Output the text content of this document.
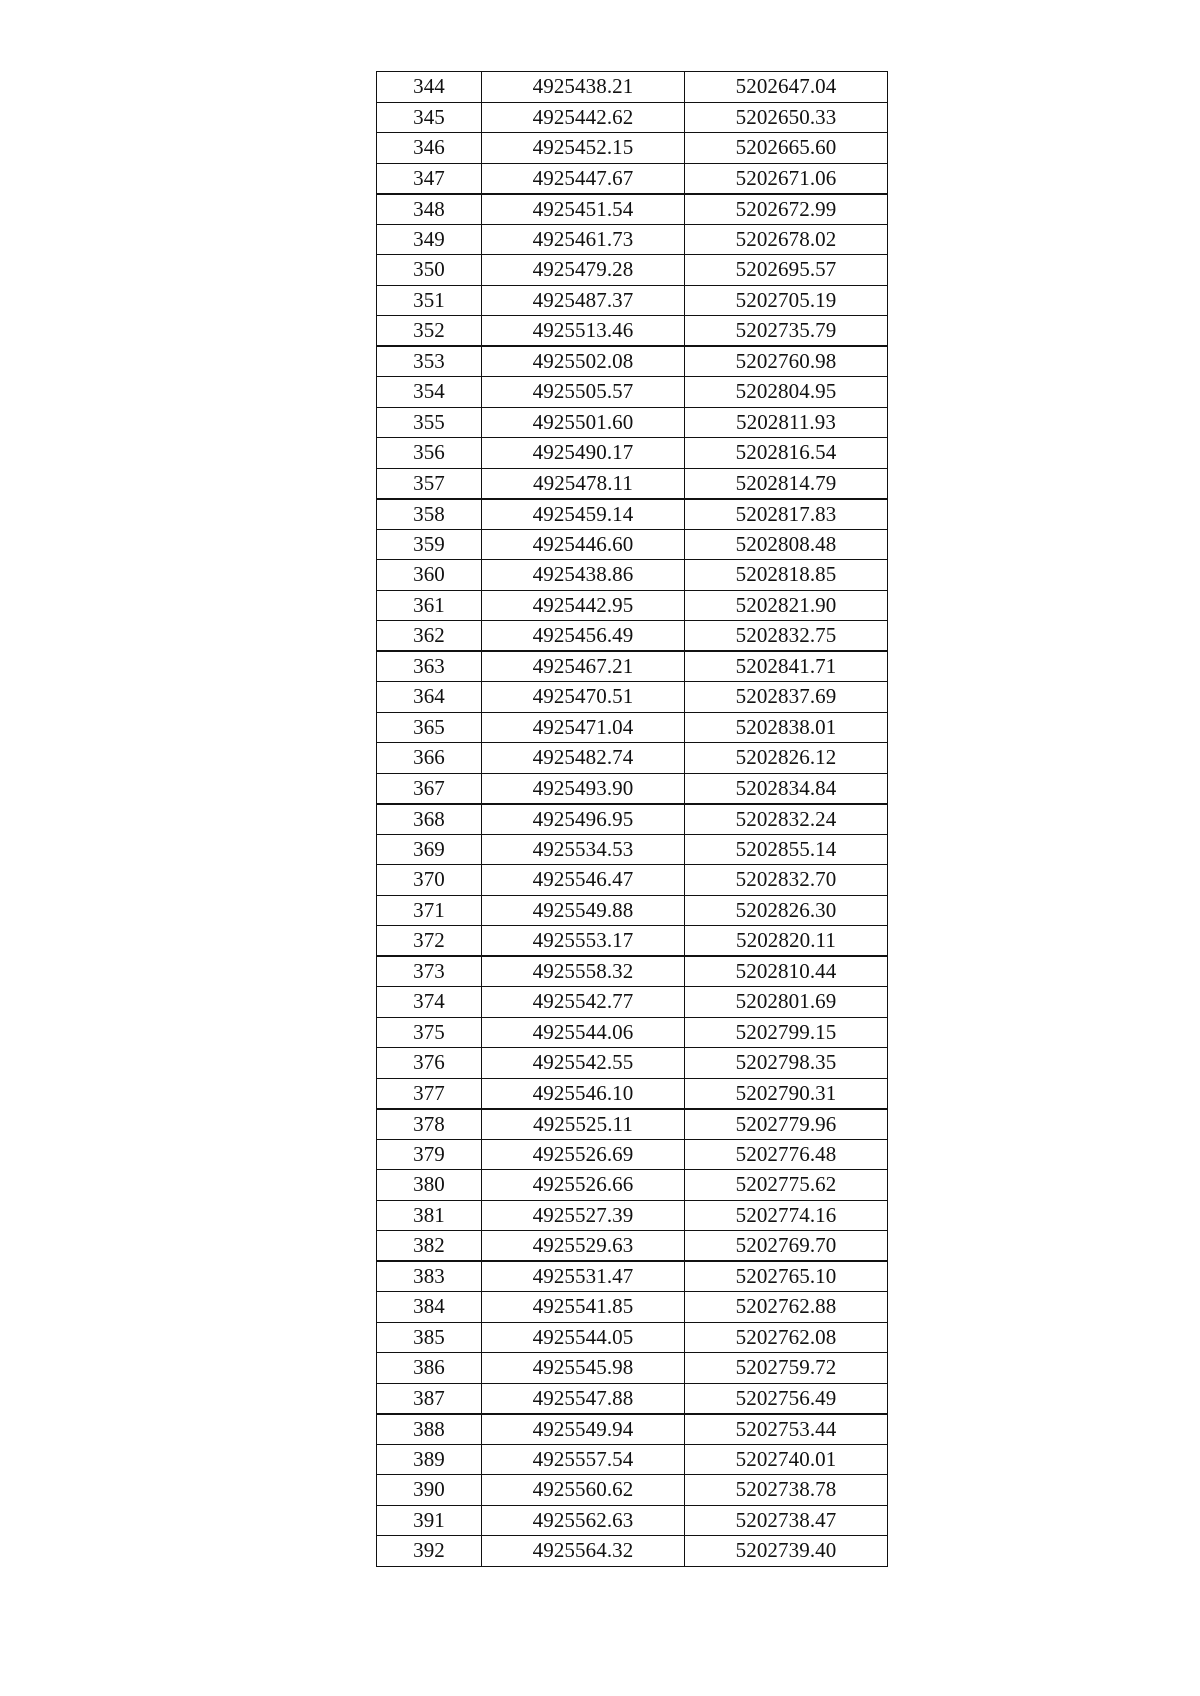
344	4925438.21	5202647.04
345	4925442.62	5202650.33
346	4925452.15	5202665.60
347	4925447.67	5202671.06
348	4925451.54	5202672.99
349	4925461.73	5202678.02
350	4925479.28	5202695.57
351	4925487.37	5202705.19
352	4925513.46	5202735.79
353	4925502.08	5202760.98
354	4925505.57	5202804.95
355	4925501.60	5202811.93
356	4925490.17	5202816.54
357	4925478.11	5202814.79
358	4925459.14	5202817.83
359	4925446.60	5202808.48
360	4925438.86	5202818.85
361	4925442.95	5202821.90
362	4925456.49	5202832.75
363	4925467.21	5202841.71
364	4925470.51	5202837.69
365	4925471.04	5202838.01
366	4925482.74	5202826.12
367	4925493.90	5202834.84
368	4925496.95	5202832.24
369	4925534.53	5202855.14
370	4925546.47	5202832.70
371	4925549.88	5202826.30
372	4925553.17	5202820.11
373	4925558.32	5202810.44
374	4925542.77	5202801.69
375	4925544.06	5202799.15
376	4925542.55	5202798.35
377	4925546.10	5202790.31
378	4925525.11	5202779.96
379	4925526.69	5202776.48
380	4925526.66	5202775.62
381	4925527.39	5202774.16
382	4925529.63	5202769.70
383	4925531.47	5202765.10
384	4925541.85	5202762.88
385	4925544.05	5202762.08
386	4925545.98	5202759.72
387	4925547.88	5202756.49
388	4925549.94	5202753.44
389	4925557.54	5202740.01
390	4925560.62	5202738.78
391	4925562.63	5202738.47
392	4925564.32	5202739.40
